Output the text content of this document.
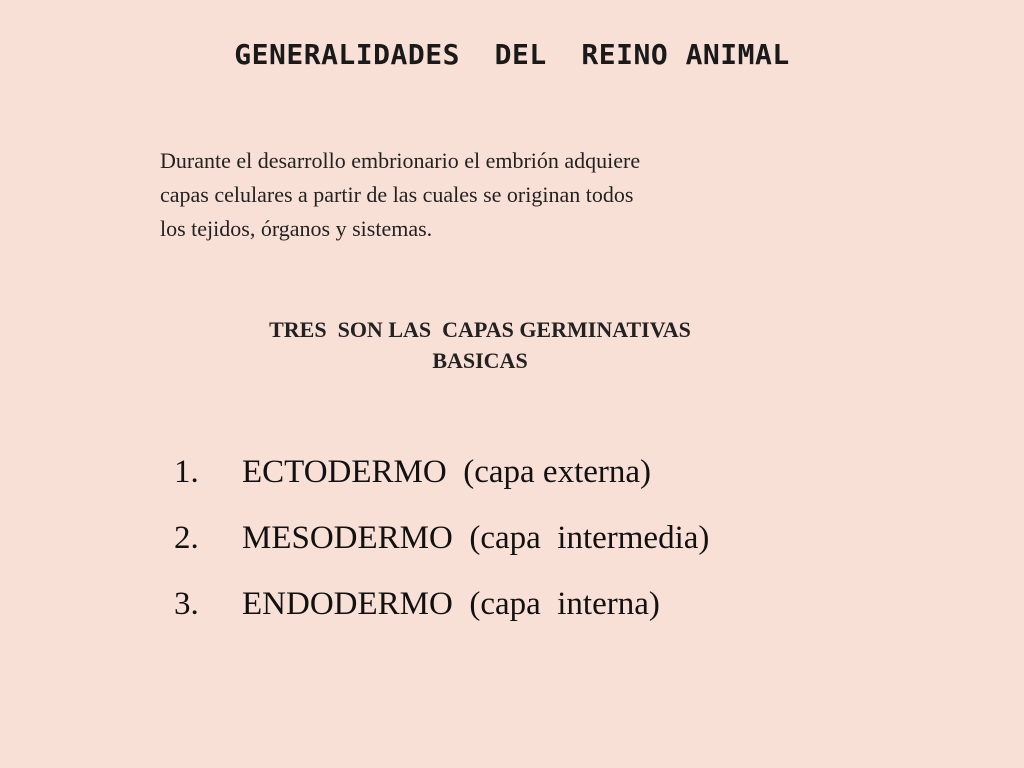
GENERALIDADES  DEL  REINO ANIMAL
Durante el desarrollo embrionario el embrión adquiere
capas celulares a partir de las cuales se originan todos
los tejidos, órganos y sistemas.
TRES  SON LAS  CAPAS GERMINATIVAS
BASICAS
1.	ECTODERMO  (capa externa)
2.	MESODERMO  (capa  intermedia)
3.	ENDODERMO  (capa  interna)
